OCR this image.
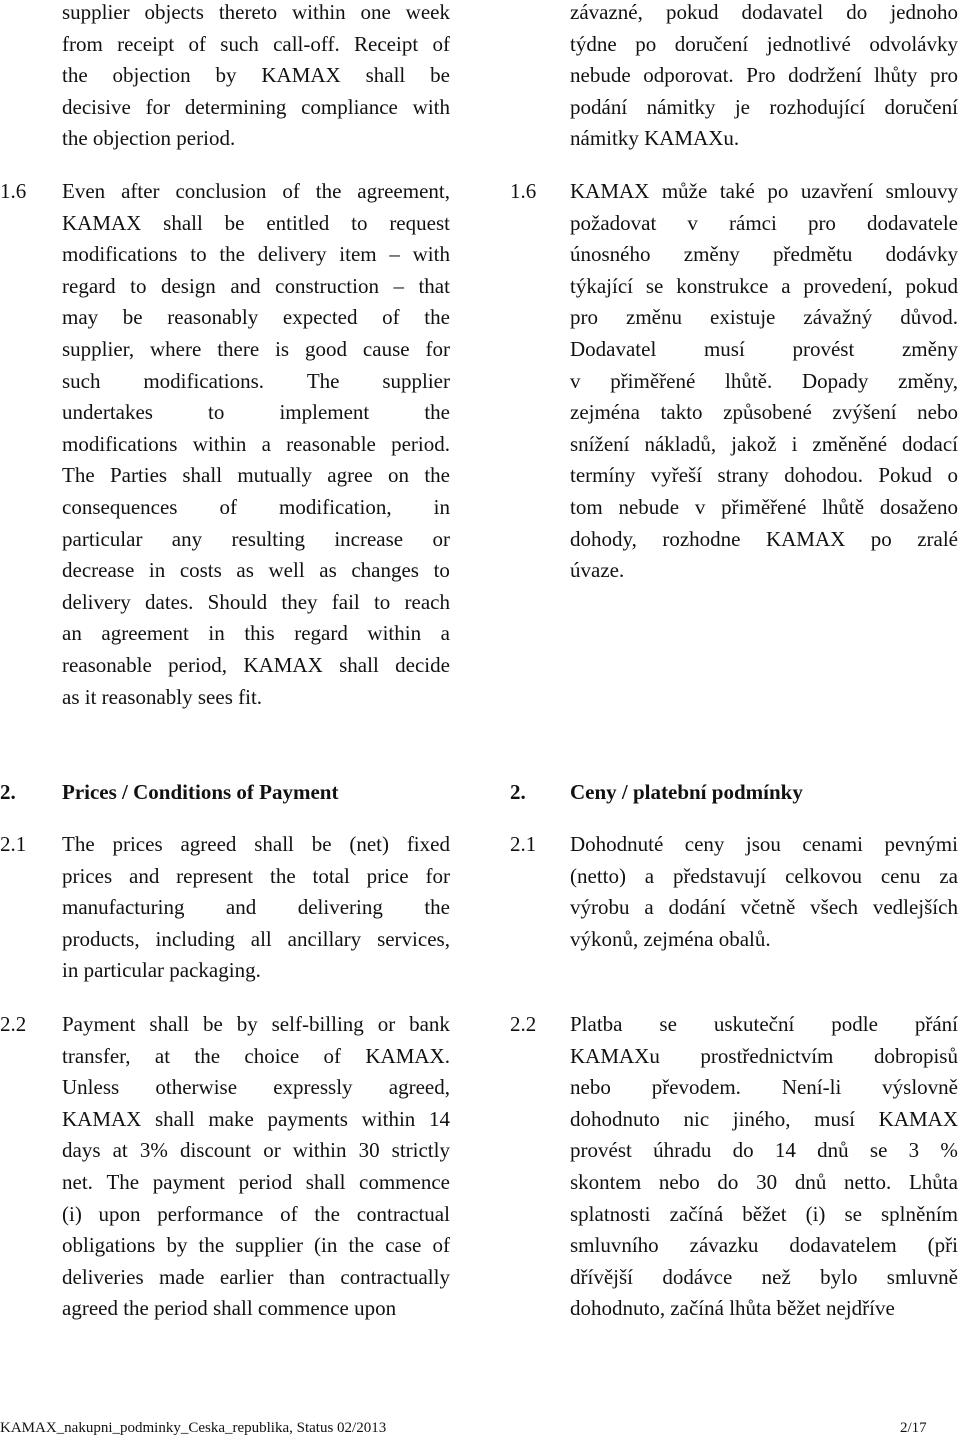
supplier objects thereto within one week
from receipt of such call-off. Receipt of
the objection by KAMAX shall be
decisive for determining compliance with
the objection period.
1.6 Even after conclusion of the agreement,
KAMAX shall be entitled to request
modifications to the delivery item – with
regard to design and construction – that
may be reasonably expected of the
supplier, where there is good cause for
such modifications. The supplier
undertakes	to	implement	the
modifications within a reasonable period.
The Parties shall mutually agree on the
consequences of modification, in
particular any resulting increase or
decrease in costs as well as changes to
delivery dates. Should they fail to reach
an agreement in this regard within a
reasonable period, KAMAX shall decide
as it reasonably sees fit.
2. Prices / Conditions of Payment
2.1 The prices agreed shall be (net) fixed
prices and represent the total price for
manufacturing and delivering the
products, including all ancillary services,
in particular packaging.
2.2 Payment shall be by self-billing or bank
transfer, at the choice of KAMAX.
Unless otherwise expressly agreed,
KAMAX shall make payments within 14
days at 3% discount or within 30 strictly
net. The payment period shall commence
(i) upon performance of the contractual
obligations by the supplier (in the case of
deliveries made earlier than contractually
agreed the period shall commence upon
závazné, pokud dodavatel do jednoho
týdne po doručení jednotlivé odvolávky
nebude odporovat. Pro dodržení lhůty pro
podání námitky je rozhodující doručení
námitky KAMAXu.
1.6 KAMAX může také po uzavření smlouvy
požadovat v rámci pro dodavatele
únosného změny předmětu dodávky
týkající se konstrukce a provedení, pokud
pro změnu existuje závažný důvod.
Dodavatel musí provést změny
v přiměřené lhůtě. Dopady změny,
zejména takto způsobené zvýšení nebo
snížení nákladů, jakož i změněné dodací
termíny vyřeší strany dohodou. Pokud o
tom nebude v přiměřené lhůtě dosaženo
dohody, rozhodne KAMAX po zralé
úvaze.
2. Ceny / platební podmínky
2.1 Dohodnuté ceny jsou cenami pevnými
(netto) a představují celkovou cenu za
výrobu a dodání včetně všech vedlejších
výkonů, zejména obalů.
2.2 Platba se uskuteční podle přání
KAMAXu prostřednictvím dobropisů
nebo převodem. Není-li výslovně
dohodnuto nic jiného, musí KAMAX
provést úhradu do 14 dnů se 3 %
skontem nebo do 30 dnů netto. Lhůta
splatnosti začíná běžet (i) se splněním
smluvního závazku dodavatelem (při
dřívější dodávce než bylo smluvně
dohodnuto, začíná lhůta běžet nejdříve
KAMAX_nakupni_podminky_Ceska_republika, Status 02/2013	2/17
